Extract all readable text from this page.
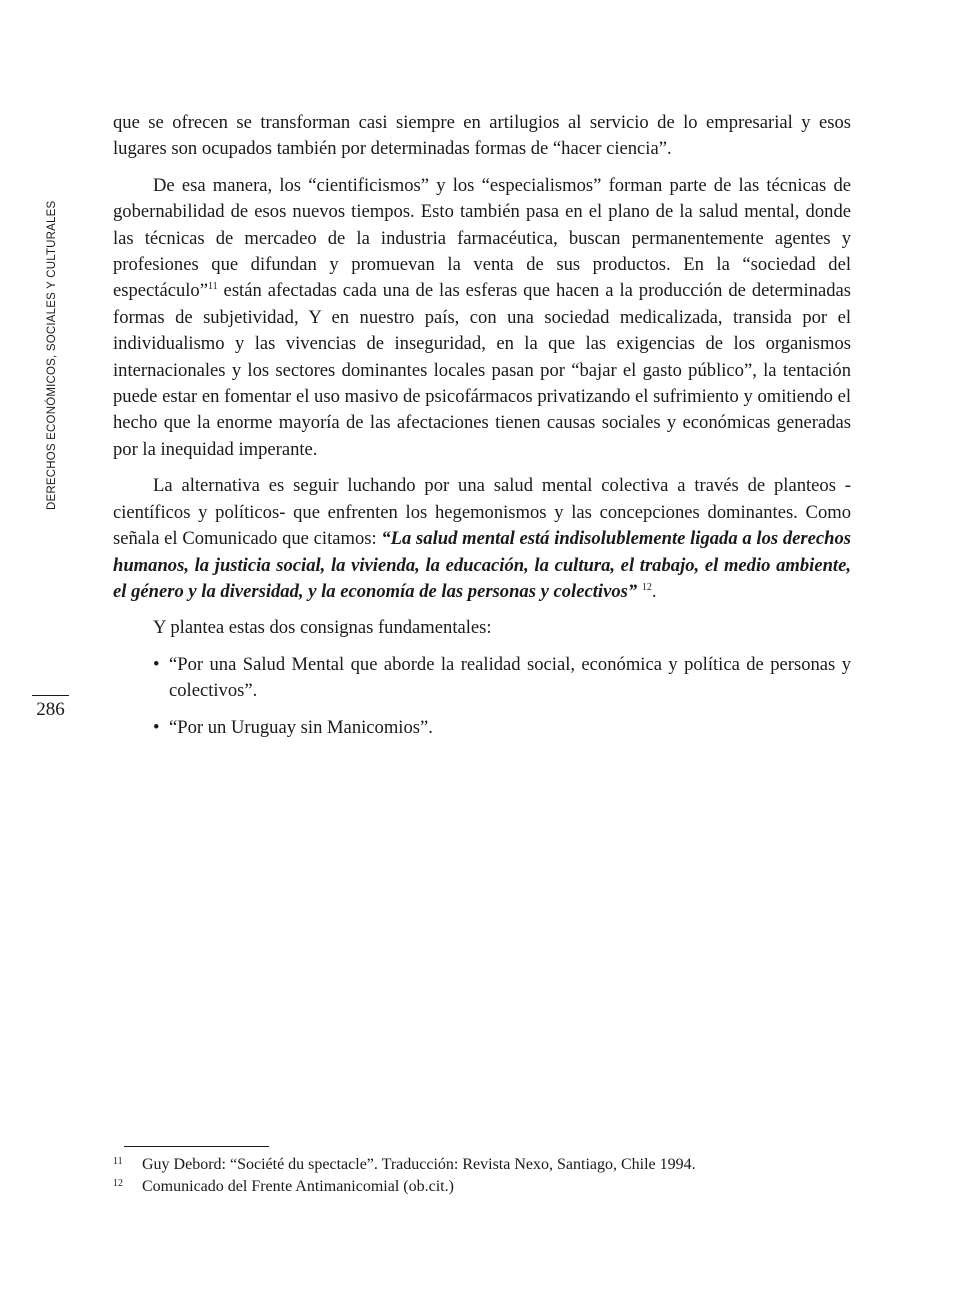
DERECHOS ECONÓMICOS, SOCIALES Y CULTURALES
286

que se ofrecen se transforman casi siempre en artilugios al servicio de lo empresarial y esos lugares son ocupados también por determinadas formas de “hacer ciencia”.

De esa manera, los “cientificismos” y los “especialismos” forman parte de las técnicas de gobernabilidad de esos nuevos tiempos. Esto también pasa en el plano de la salud mental, donde las técnicas de mercadeo de la industria farmacéutica, buscan permanentemente agentes y profesiones que difundan y promuevan la venta de sus productos. En la “sociedad del espectáculo”$^{11}$ están afectadas cada una de las esferas que hacen a la producción de determinadas formas de subjetividad, Y en nuestro país, con una sociedad medicalizada, transida por el individualismo y las vivencias de inseguridad, en la que las exigencias de los organismos internacionales y los sectores dominantes locales pasan por “bajar el gasto público”, la tentación puede estar en fomentar el uso masivo de psicofármacos privatizando el sufrimiento y omitiendo el hecho que la enorme mayoría de las afectaciones tienen causas sociales y económicas generadas por la inequidad imperante.

La alternativa es seguir luchando por una salud mental colectiva a través de planteos -científicos y políticos- que enfrenten los hegemonismos y las concepciones dominantes. Como señala el Comunicado que citamos: “La salud mental está indisolublemente ligada a los derechos humanos, la justicia social, la vivienda, la educación, la cultura, el trabajo, el medio ambiente, el género y la diversidad, y la economía de las personas y colectivos” $^{12}$.

Y plantea estas dos consignas fundamentales:

• “Por una Salud Mental que aborde la realidad social, económica y política de personas y colectivos”.
• “Por un Uruguay sin Manicomios”.
11 Guy Debord: “Société du spectacle”. Traducción: Revista Nexo, Santiago, Chile 1994.
12 Comunicado del Frente Antimanicomial (ob.cit.)
